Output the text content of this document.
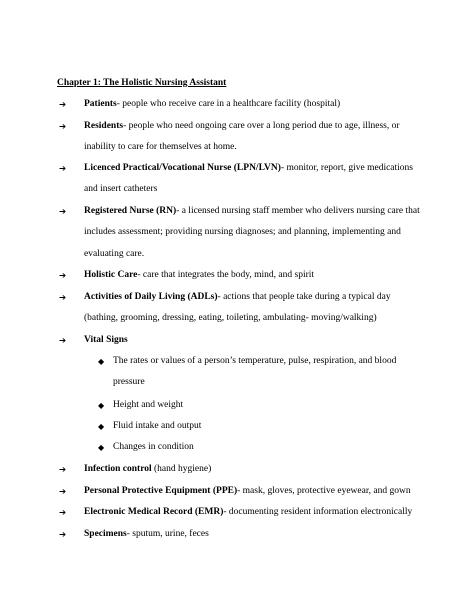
Chapter 1: The Holistic Nursing Assistant
➔ Patients- people who receive care in a healthcare facility (hospital)
➔ Residents- people who need ongoing care over a long period due to age, illness, or
inability to care for themselves at home.
➔ Licenced Practical/Vocational Nurse (LPN/LVN)- monitor, report, give medications
and insert catheters
➔ Registered Nurse (RN)- a licensed nursing staff member who delivers nursing care that
includes assessment; providing nursing diagnoses; and planning, implementing and
evaluating care.
➔ Holistic Care- care that integrates the body, mind, and spirit
➔ Activities of Daily Living (ADLs)- actions that people take during a typical day
(bathing, grooming, dressing, eating, toileting, ambulating- moving/walking)
➔ Vital Signs
◆ The rates or values of a person’s temperature, pulse, respiration, and blood
pressure
◆ Height and weight
◆ Fluid intake and output
◆ Changes in condition
➔ Infection control (hand hygiene)
➔ Personal Protective Equipment (PPE)- mask, gloves, protective eyewear, and gown
➔ Electronic Medical Record (EMR)- documenting resident information electronically
➔ Specimens- sputum, urine, feces
